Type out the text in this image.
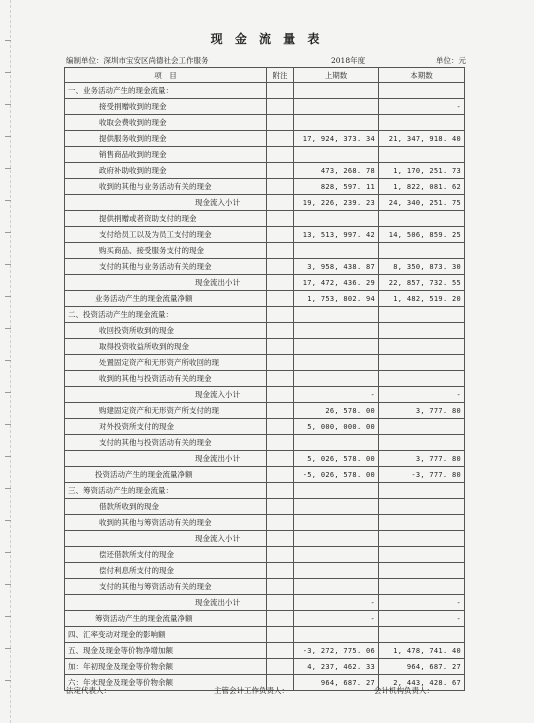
现 金 流 量 表
编制单位：深圳市宝安区尚德社会工作服务	2018年度	单位：元
项　目	附注	上期数	本期数
一、业务活动产生的现金流量：			
接受捐赠收到的现金			-
收取会费收到的现金			
提供服务收到的现金		17, 924, 373. 34	21, 347, 918. 40
销售商品收到的现金			
政府补助收到的现金		473, 268. 78	1, 170, 251. 73
收到的其他与业务活动有关的现金		828, 597. 11	1, 822, 081. 62
现金流入小计		19, 226, 239. 23	24, 340, 251. 75
提供捐赠或者资助支付的现金			
支付给员工以及为员工支付的现金		13, 513, 997. 42	14, 506, 859. 25
购买商品、接受服务支付的现金			
支付的其他与业务活动有关的现金		3, 958, 438. 87	8, 350, 873. 30
现金流出小计		17, 472, 436. 29	22, 857, 732. 55
业务活动产生的现金流量净额		1, 753, 802. 94	1, 482, 519. 20
二、投资活动产生的现金流量：			
收回投资所收到的现金			
取得投资收益所收到的现金			
处置固定资产和无形资产所收回的现			
收到的其他与投资活动有关的现金			
现金流入小计		-	-
购建固定资产和无形资产所支付的现		26, 578. 00	3, 777. 80
对外投资所支付的现金		5, 000, 000. 00	
支付的其他与投资活动有关的现金			
现金流出小计		5, 026, 578. 00	3, 777. 80
投资活动产生的现金流量净额		-5, 026, 578. 00	-3, 777. 80
三、筹资活动产生的现金流量：			
借款所收到的现金			
收到的其他与筹资活动有关的现金			
现金流入小计			
偿还借款所支付的现金			
偿付利息所支付的现金			
支付的其他与筹资活动有关的现金			
现金流出小计		-	-
筹资活动产生的现金流量净额		-	-
四、汇率变动对现金的影响额			
五、现金及现金等价物净增加额		-3, 272, 775. 06	1, 478, 741. 40
加：年初现金及现金等价物余额		4, 237, 462. 33	964, 687. 27
六：年末现金及现金等价物余额		964, 687. 27	2, 443, 428. 67
法定代表人：	主管会计工作负责人：	会计机构负责人：
